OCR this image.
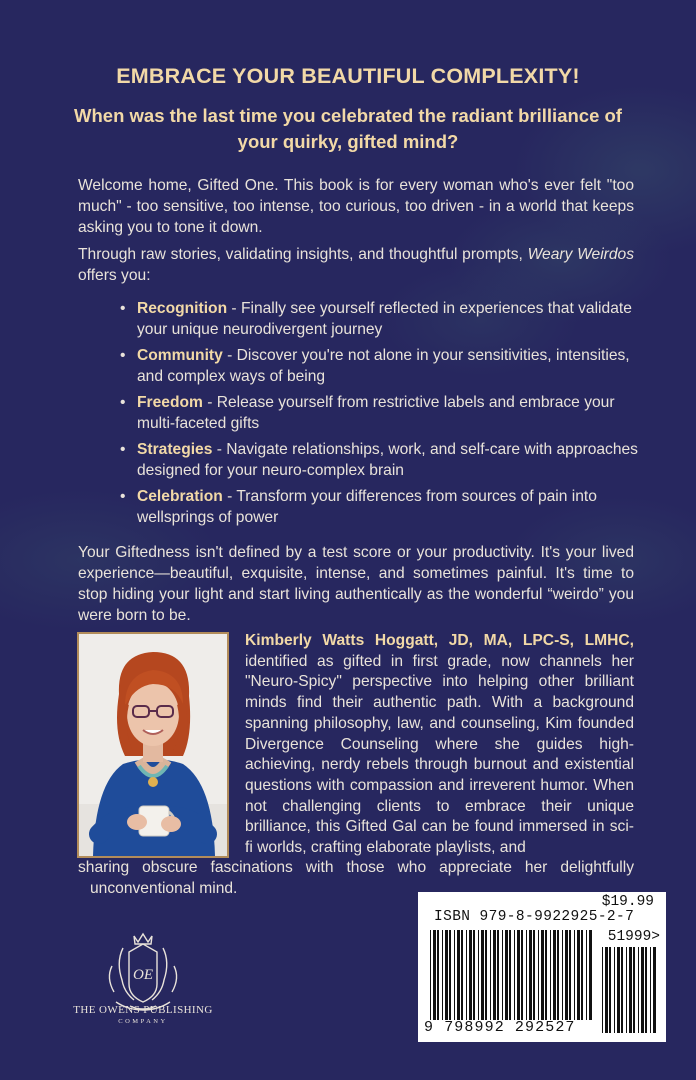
EMBRACE YOUR BEAUTIFUL COMPLEXITY!
When was the last time you celebrated the radiant brilliance of your quirky, gifted mind?

Welcome home, Gifted One. This book is for every woman who's ever felt "too much" - too sensitive, too intense, too curious, too driven - in a world that keeps asking you to tone it down.

Through raw stories, validating insights, and thoughtful prompts, Weary Weirdos offers you:

• Recognition - Finally see yourself reflected in experiences that validate your unique neurodivergent journey
• Community - Discover you're not alone in your sensitivities, intensities, and complex ways of being
• Freedom - Release yourself from restrictive labels and embrace your multi-faceted gifts
• Strategies - Navigate relationships, work, and self-care with approaches designed for your neuro-complex brain
• Celebration - Transform your differences from sources of pain into wellsprings of power

Your Giftedness isn't defined by a test score or your productivity. It's your lived experience—beautiful, exquisite, intense, and sometimes painful. It's time to stop hiding your light and start living authentically as the wonderful “weirdo” you were born to be.

Kimberly Watts Hoggatt, JD, MA, LPC-S, LMHC, identified as gifted in first grade, now channels her "Neuro-Spicy" perspective into helping other brilliant minds find their authentic path. With a background spanning philosophy, law, and counseling, Kim founded Divergence Counseling where she guides high-achieving, nerdy rebels through burnout and existential questions with compassion and irreverent humor. When not challenging clients to embrace their unique brilliance, this Gifted Gal can be found immersed in sci-fi worlds, crafting elaborate playlists, and
sharing obscure fascinations with those who appreciate her delightfully
unconventional mind.
OE
THE OWENS PUBLISHING
COMPANY
$19.99
ISBN 979-8-9922925-2-7
51999>
9 798992 292527
